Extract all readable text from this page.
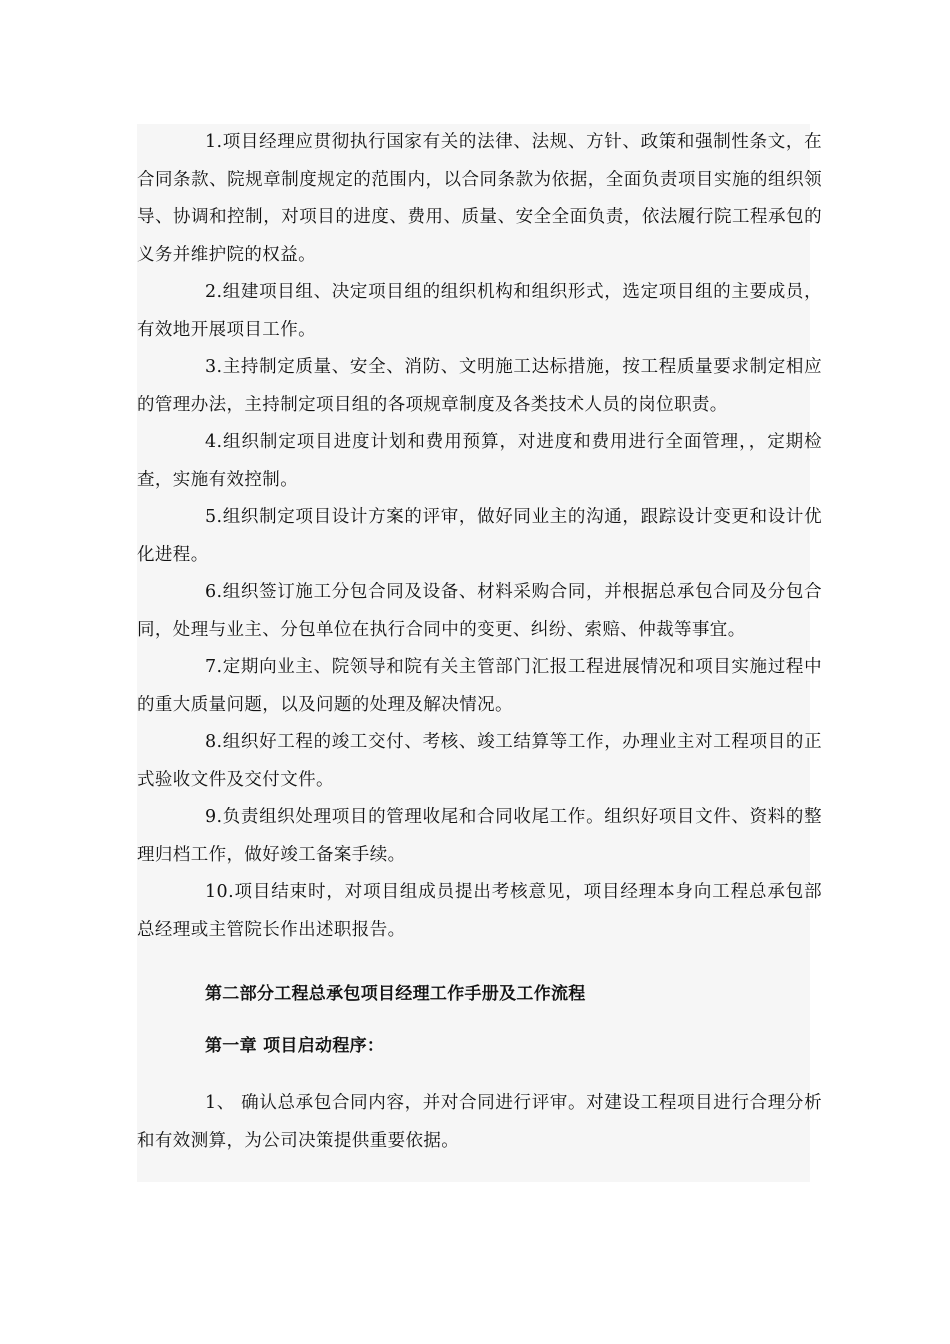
1.项目经理应贯彻执行国家有关的法律、法规、方针、政策和强制性条文，在合同条款、院规章制度规定的范围内，以合同条款为依据，全面负责项目实施的组织领导、协调和控制，对项目的进度、费用、质量、安全全面负责，依法履行院工程承包的义务并维护院的权益。

2.组建项目组、决定项目组的组织机构和组织形式，选定项目组的主要成员，有效地开展项目工作。

3.主持制定质量、安全、消防、文明施工达标措施，按工程质量要求制定相应的管理办法，主持制定项目组的各项规章制度及各类技术人员的岗位职责。

4.组织制定项目进度计划和费用预算，对进度和费用进行全面管理，，定期检查，实施有效控制。

5.组织制定项目设计方案的评审，做好同业主的沟通，跟踪设计变更和设计优化进程。

6.组织签订施工分包合同及设备、材料采购合同，并根据总承包合同及分包合同，处理与业主、分包单位在执行合同中的变更、纠纷、索赔、仲裁等事宜。

7.定期向业主、院领导和院有关主管部门汇报工程进展情况和项目实施过程中的重大质量问题，以及问题的处理及解决情况。

8.组织好工程的竣工交付、考核、竣工结算等工作，办理业主对工程项目的正式验收文件及交付文件。

9.负责组织处理项目的管理收尾和合同收尾工作。组织好项目文件、资料的整理归档工作，做好竣工备案手续。

10.项目结束时，对项目组成员提出考核意见，项目经理本身向工程总承包部总经理或主管院长作出述职报告。

第二部分工程总承包项目经理工作手册及工作流程
第一章 项目启动程序：

1、 确认总承包合同内容，并对合同进行评审。对建设工程项目进行合理分析和有效测算，为公司决策提供重要依据。
